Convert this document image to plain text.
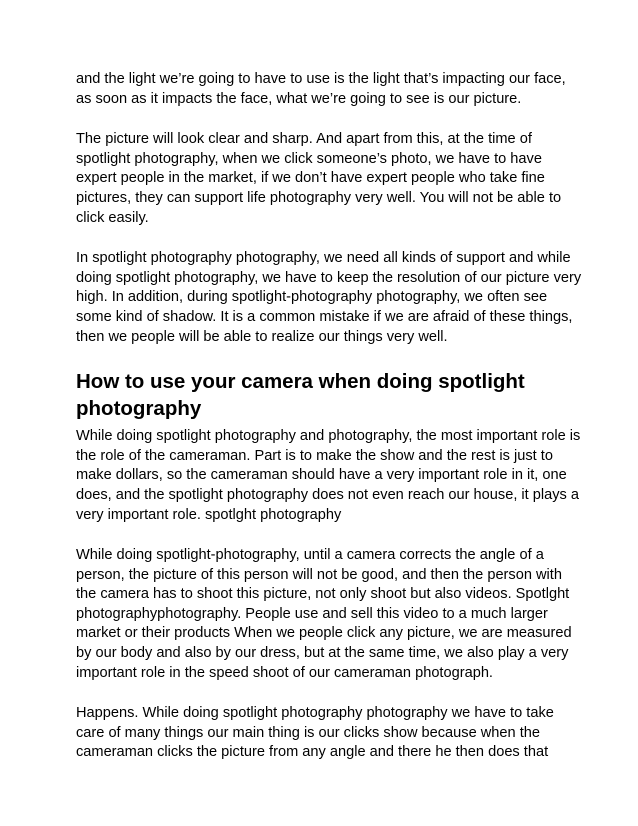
and the light we’re going to have to use is the light that’s impacting our face,
as soon as it impacts the face, what we’re going to see is our picture.

The picture will look clear and sharp. And apart from this, at the time of
spotlight photography, when we click someone’s photo, we have to have
expert people in the market, if we don’t have expert people who take fine
pictures, they can support life photography very well. You will not be able to
click easily.

In spotlight photography photography, we need all kinds of support and while
doing spotlight photography, we have to keep the resolution of our picture very
high. In addition, during spotlight-photography photography, we often see
some kind of shadow. It is a common mistake if we are afraid of these things,
then we people will be able to realize our things very well.

How to use your camera when doing spotlight
photography

While doing spotlight photography and photography, the most important role is
the role of the cameraman. Part is to make the show and the rest is just to
make dollars, so the cameraman should have a very important role in it, one
does, and the spotlight photography does not even reach our house, it plays a
very important role. spotlght photography

While doing spotlight-photography, until a camera corrects the angle of a
person, the picture of this person will not be good, and then the person with
the camera has to shoot this picture, not only shoot but also videos. Spotlght
photographyphotography. People use and sell this video to a much larger
market or their products When we people click any picture, we are measured
by our body and also by our dress, but at the same time, we also play a very
important role in the speed shoot of our cameraman photograph.

Happens. While doing spotlight photography photography we have to take
care of many things our main thing is our clicks show because when the
cameraman clicks the picture from any angle and there he then does that
